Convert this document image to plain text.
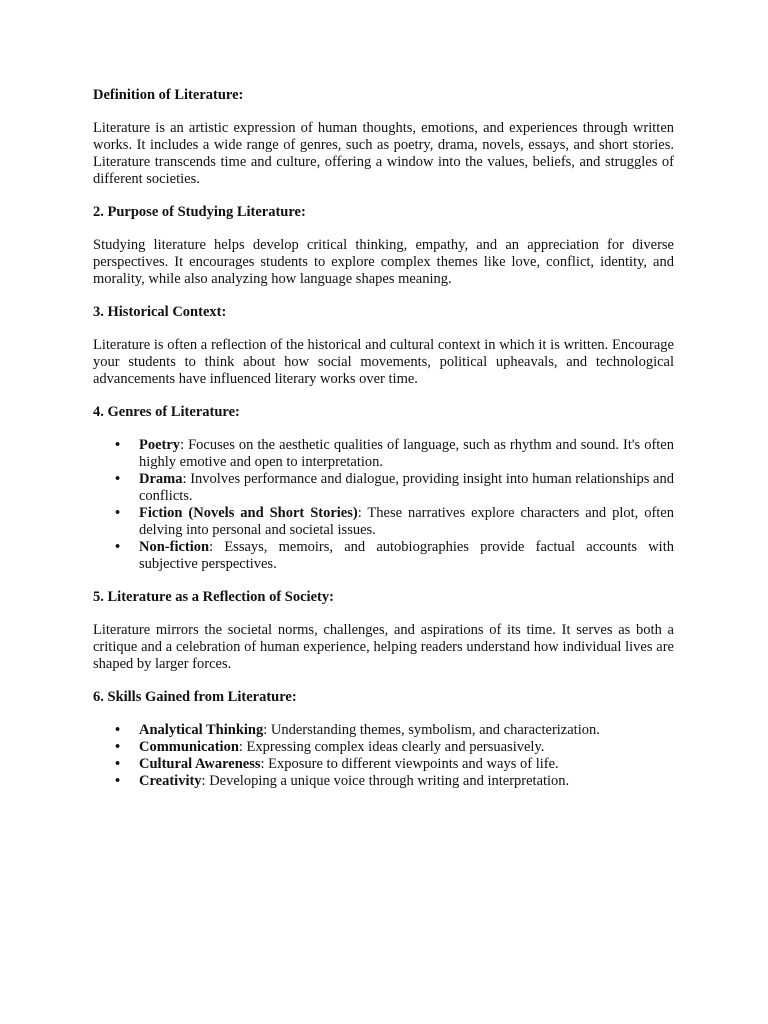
Definition of Literature:

Literature is an artistic expression of human thoughts, emotions, and experiences through written works. It includes a wide range of genres, such as poetry, drama, novels, essays, and short stories. Literature transcends time and culture, offering a window into the values, beliefs, and struggles of different societies.

2. Purpose of Studying Literature:

Studying literature helps develop critical thinking, empathy, and an appreciation for diverse perspectives. It encourages students to explore complex themes like love, conflict, identity, and morality, while also analyzing how language shapes meaning.

3. Historical Context:

Literature is often a reflection of the historical and cultural context in which it is written. Encourage your students to think about how social movements, political upheavals, and technological advancements have influenced literary works over time.

4. Genres of Literature:
• Poetry: Focuses on the aesthetic qualities of language, such as rhythm and sound. It's often highly emotive and open to interpretation.
• Drama: Involves performance and dialogue, providing insight into human relationships and conflicts.
• Fiction (Novels and Short Stories): These narratives explore characters and plot, often delving into personal and societal issues.
• Non-fiction: Essays, memoirs, and autobiographies provide factual accounts with subjective perspectives.
5. Literature as a Reflection of Society:

Literature mirrors the societal norms, challenges, and aspirations of its time. It serves as both a critique and a celebration of human experience, helping readers understand how individual lives are shaped by larger forces.

6. Skills Gained from Literature:
• Analytical Thinking: Understanding themes, symbolism, and characterization.
• Communication: Expressing complex ideas clearly and persuasively.
• Cultural Awareness: Exposure to different viewpoints and ways of life.
• Creativity: Developing a unique voice through writing and interpretation.
